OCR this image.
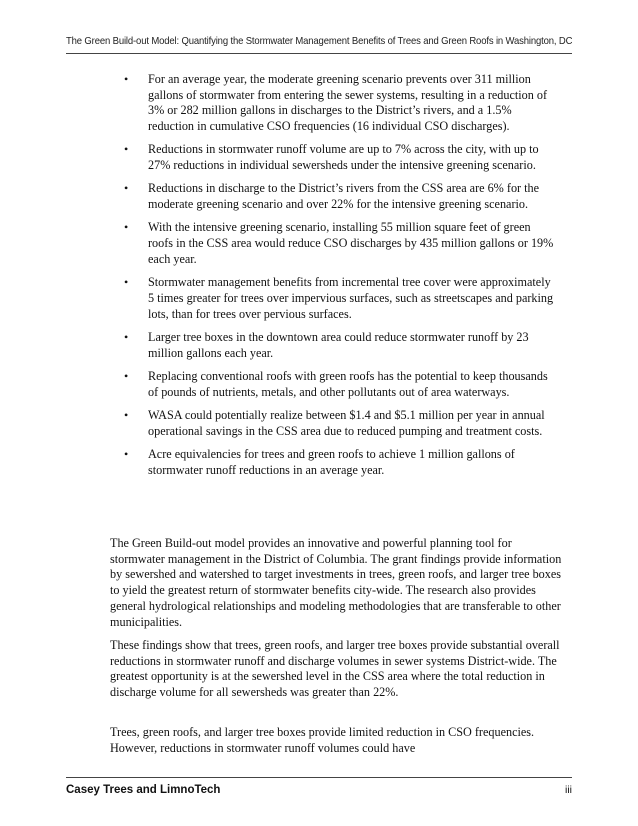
The Green Build-out Model: Quantifying the Stormwater Management Benefits of Trees and Green Roofs in Washington, DC
• For an average year, the moderate greening scenario prevents over 311 million gallons of stormwater from entering the sewer systems, resulting in a reduction of 3% or 282 million gallons in discharges to the District’s rivers, and a 1.5% reduction in cumulative CSO frequencies (16 individual CSO discharges).
• Reductions in stormwater runoff volume are up to 7% across the city, with up to 27% reductions in individual sewersheds under the intensive greening scenario.
• Reductions in discharge to the District’s rivers from the CSS area are 6% for the moderate greening scenario and over 22% for the intensive greening scenario.
• With the intensive greening scenario, installing 55 million square feet of green roofs in the CSS area would reduce CSO discharges by 435 million gallons or 19% each year.
• Stormwater management benefits from incremental tree cover were approximately 5 times greater for trees over impervious surfaces, such as streetscapes and parking lots, than for trees over pervious surfaces.
• Larger tree boxes in the downtown area could reduce stormwater runoff by 23 million gallons each year.
• Replacing conventional roofs with green roofs has the potential to keep thousands of pounds of nutrients, metals, and other pollutants out of area waterways.
• WASA could potentially realize between $1.4 and $5.1 million per year in annual operational savings in the CSS area due to reduced pumping and treatment costs.
• Acre equivalencies for trees and green roofs to achieve 1 million gallons of stormwater runoff reductions in an average year.

The Green Build-out model provides an innovative and powerful planning tool for stormwater management in the District of Columbia. The grant findings provide information by sewershed and watershed to target investments in trees, green roofs, and larger tree boxes to yield the greatest return of stormwater benefits city-wide. The research also provides general hydrological relationships and modeling methodologies that are transferable to other municipalities.

These findings show that trees, green roofs, and larger tree boxes provide substantial overall reductions in stormwater runoff and discharge volumes in sewer systems District-wide. The greatest opportunity is at the sewershed level in the CSS area where the total reduction in discharge volume for all sewersheds was greater than 22%.

Trees, green roofs, and larger tree boxes provide limited reduction in CSO frequencies. However, reductions in stormwater runoff volumes could have

Casey Trees and LimnoTech	iii
